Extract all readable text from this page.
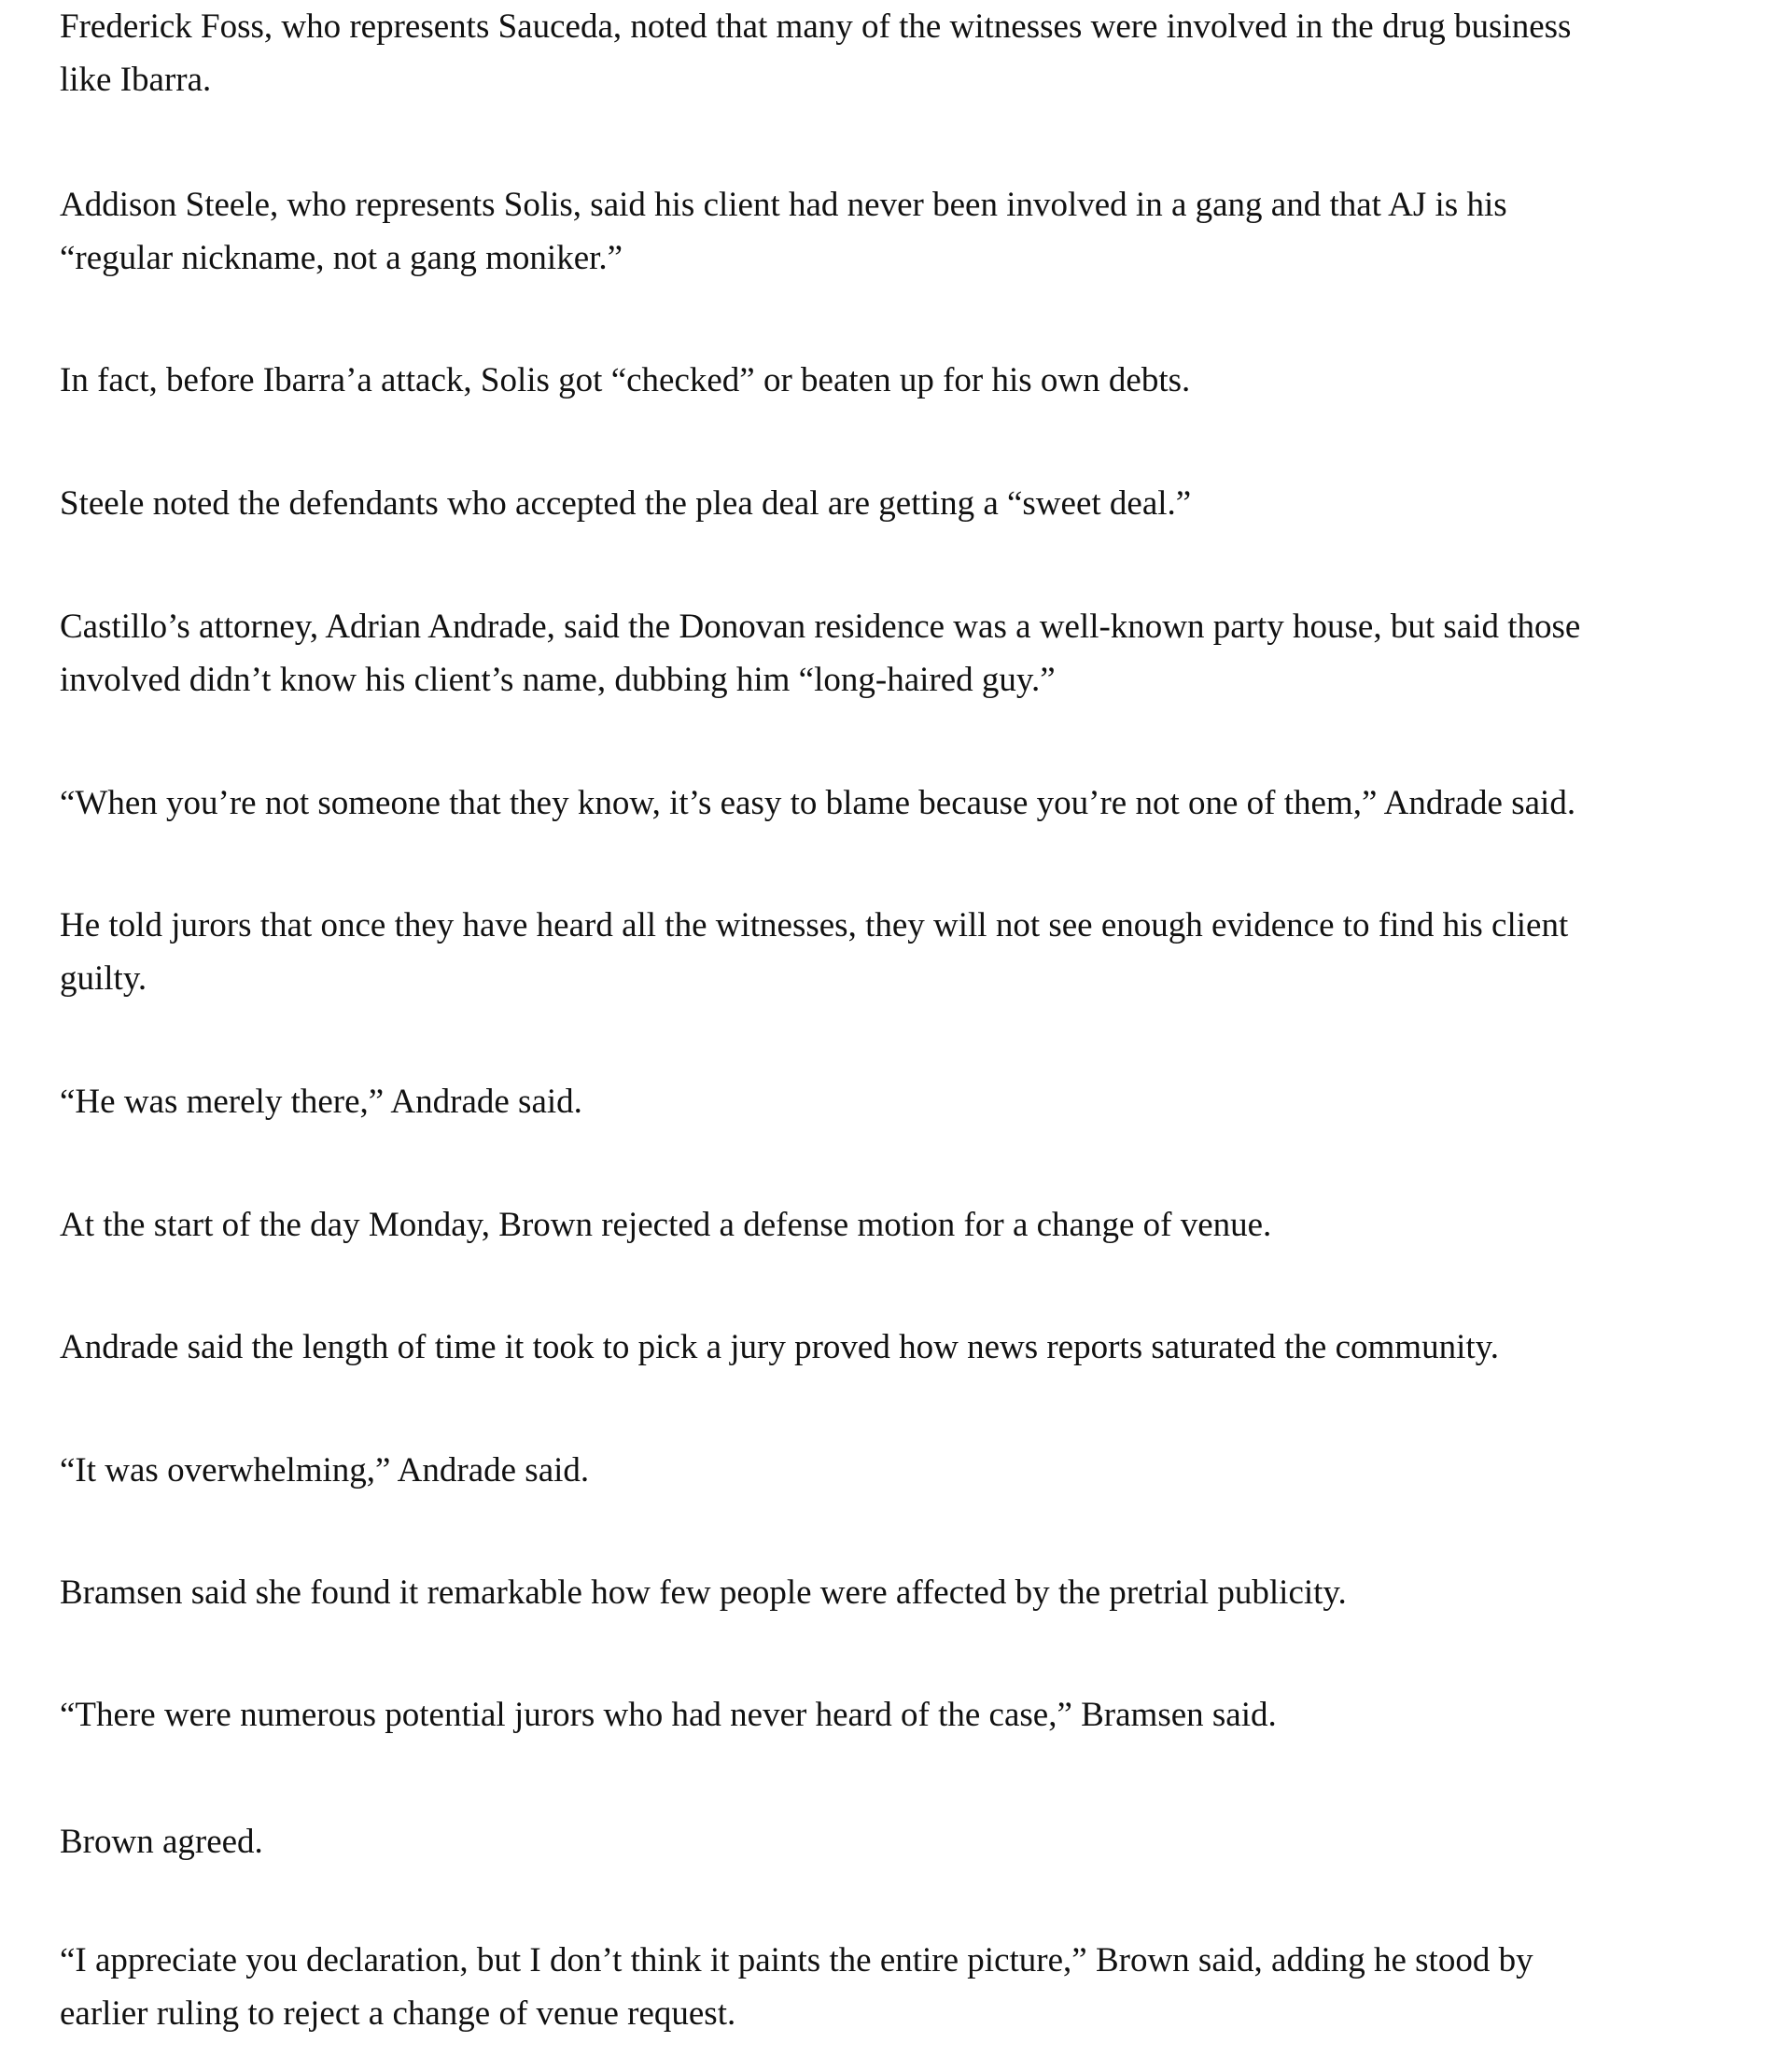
Frederick Foss, who represents Sauceda, noted that many of the witnesses were involved in the drug business
like Ibarra.

Addison Steele, who represents Solis, said his client had never been involved in a gang and that AJ is his
“regular nickname, not a gang moniker.”

In fact, before Ibarra’a attack, Solis got “checked” or beaten up for his own debts.

Steele noted the defendants who accepted the plea deal are getting a “sweet deal.”

Castillo’s attorney, Adrian Andrade, said the Donovan residence was a well-known party house, but said those
involved didn’t know his client’s name, dubbing him “long-haired guy.”

“When you’re not someone that they know, it’s easy to blame because you’re not one of them,” Andrade said.

He told jurors that once they have heard all the witnesses, they will not see enough evidence to find his client
guilty.

“He was merely there,” Andrade said.

At the start of the day Monday, Brown rejected a defense motion for a change of venue.

Andrade said the length of time it took to pick a jury proved how news reports saturated the community.

“It was overwhelming,” Andrade said.

Bramsen said she found it remarkable how few people were affected by the pretrial publicity.

“There were numerous potential jurors who had never heard of the case,” Bramsen said.

Brown agreed.

“I appreciate you declaration, but I don’t think it paints the entire picture,” Brown said, adding he stood by
earlier ruling to reject a change of venue request.
